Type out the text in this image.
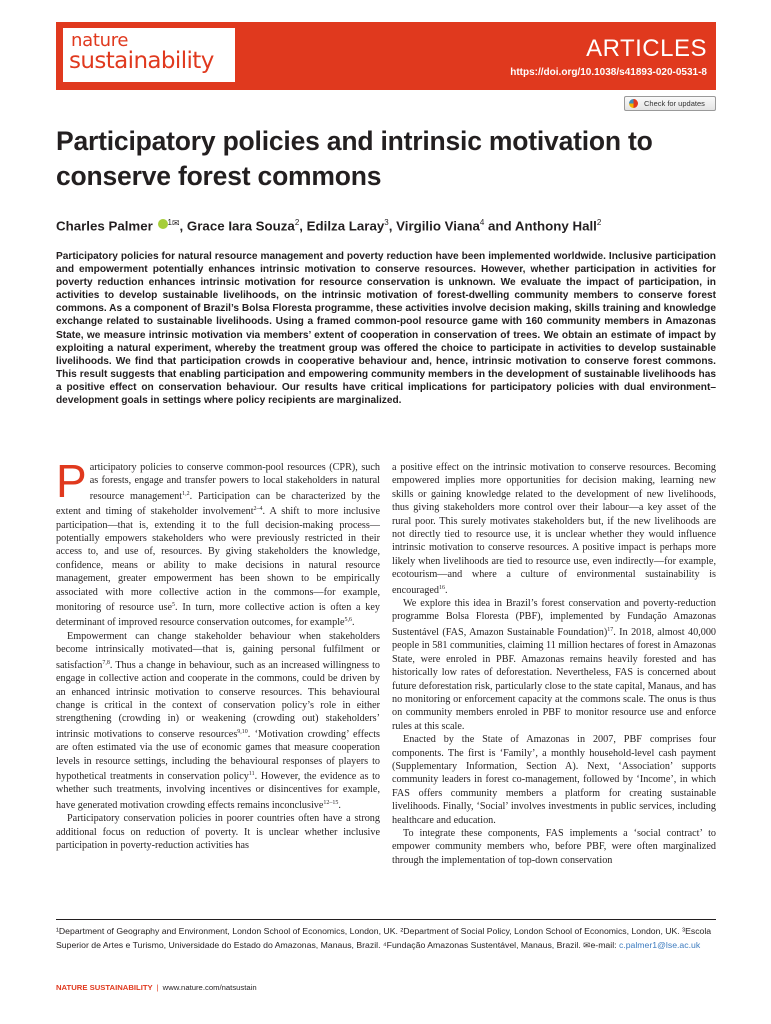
nature
sustainability	ARTICLES
https://doi.org/10.1038/s41893-020-0531-8
Check for updates
Participatory policies and intrinsic motivation to conserve forest commons
Charles Palmer $^1$✉, Grace Iara Souza$^2$, Edilza Laray$^3$, Virgilio Viana$^4$ and Anthony Hall$^2$

Participatory policies for natural resource management and poverty reduction have been implemented worldwide. Inclusive participation and empowerment potentially enhances intrinsic motivation to conserve resources. However, whether participation in activities for poverty reduction enhances intrinsic motivation for resource conservation is unknown. We evaluate the impact of participation, in activities to develop sustainable livelihoods, on the intrinsic motivation of forest-dwelling community members to conserve forest commons. As a component of Brazil’s Bolsa Floresta programme, these activities involve decision making, skills training and knowledge exchange related to sustainable livelihoods. Using a framed common-pool resource game with 160 community members in Amazonas State, we measure intrinsic motivation via members’ extent of cooperation in conservation of trees. We obtain an estimate of impact by exploiting a natural experiment, whereby the treatment group was offered the choice to participate in activities to develop sustainable livelihoods. We find that participation crowds in cooperative behaviour and, hence, intrinsic motivation to conserve forest commons. This result suggests that enabling participation and empowering community members in the development of sustainable livelihoods has a positive effect on conservation behaviour. Our results have critical implications for participatory policies with dual environment–development goals in settings where policy recipients are marginalized.

Participatory policies to conserve common-pool resources (CPR), such as forests, engage and transfer powers to local stakeholders in natural resource management$^{1,2}$. Participation can be characterized by the extent and timing of stakeholder involvement$^{2-4}$. A shift to more inclusive participation—that is, extending it to the full decision-making process—potentially empowers stakeholders who were previously restricted in their access to, and use of, resources. By giving stakeholders the knowledge, confidence, means or ability to make decisions in natural resource management, greater empowerment has been shown to be empirically associated with more collective action in the commons—for example, monitoring of resource use$^5$. In turn, more collective action is often a key determinant of improved resource conservation outcomes, for example$^{5,6}$.

Empowerment can change stakeholder behaviour when stakeholders become intrinsically motivated—that is, gaining personal fulfilment or satisfaction$^{7,8}$. Thus a change in behaviour, such as an increased willingness to engage in collective action and cooperate in the commons, could be driven by an enhanced intrinsic motivation to conserve resources. This behavioural change is critical in the context of conservation policy’s role in either strengthening (crowding in) or weakening (crowding out) stakeholders’ intrinsic motivations to conserve resources$^{9,10}$. ‘Motivation crowding’ effects are often estimated via the use of economic games that measure cooperation levels in resource settings, including the behavioural responses of players to hypothetical treatments in conservation policy$^{11}$. However, the evidence as to whether such treatments, involving incentives or disincentives for example, have generated motivation crowding effects remains inconclusive$^{12-15}$.

Participatory conservation policies in poorer countries often have a strong additional focus on reduction of poverty. It is unclear whether inclusive participation in poverty-reduction activities has

a positive effect on the intrinsic motivation to conserve resources. Becoming empowered implies more opportunities for decision making, learning new skills or gaining knowledge related to the development of new livelihoods, thus giving stakeholders more control over their labour—a key asset of the rural poor. This surely motivates stakeholders but, if the new livelihoods are not directly tied to resource use, it is unclear whether they would influence intrinsic motivation to conserve resources. A positive impact is perhaps more likely when livelihoods are tied to resource use, even indirectly—for example, ecotourism—and where a culture of environmental sustainability is encouraged$^{16}$.

We explore this idea in Brazil’s forest conservation and poverty-reduction programme Bolsa Floresta (PBF), implemented by Fundação Amazonas Sustentável (FAS, Amazon Sustainable Foundation)$^{17}$. In 2018, almost 40,000 people in 581 communities, claiming 11 million hectares of forest in Amazonas State, were enroled in PBF. Amazonas remains heavily forested and has historically low rates of deforestation. Nevertheless, FAS is concerned about future deforestation risk, particularly close to the state capital, Manaus, and has no monitoring or enforcement capacity at the commons scale. The onus is thus on community members enroled in PBF to monitor resource use and enforce rules at this scale.

Enacted by the State of Amazonas in 2007, PBF comprises four components. The first is ‘Family’, a monthly household-level cash payment (Supplementary Information, Section A). Next, ‘Association’ supports community leaders in forest co-management, followed by ‘Income’, in which FAS offers community members a platform for creating sustainable livelihoods. Finally, ‘Social’ involves investments in public services, including healthcare and education.

To integrate these components, FAS implements a ‘social contract’ to empower community members who, before PBF, were often marginalized through the implementation of top-down conservation

¹Department of Geography and Environment, London School of Economics, London, UK. ²Department of Social Policy, London School of Economics, London, UK. ³Escola Superior de Artes e Turismo, Universidade do Estado do Amazonas, Manaus, Brazil. ⁴Fundação Amazonas Sustentável, Manaus, Brazil. ✉e-mail: c.palmer1@lse.ac.uk
NATURE SUSTAINABILITY | www.nature.com/natsustain
